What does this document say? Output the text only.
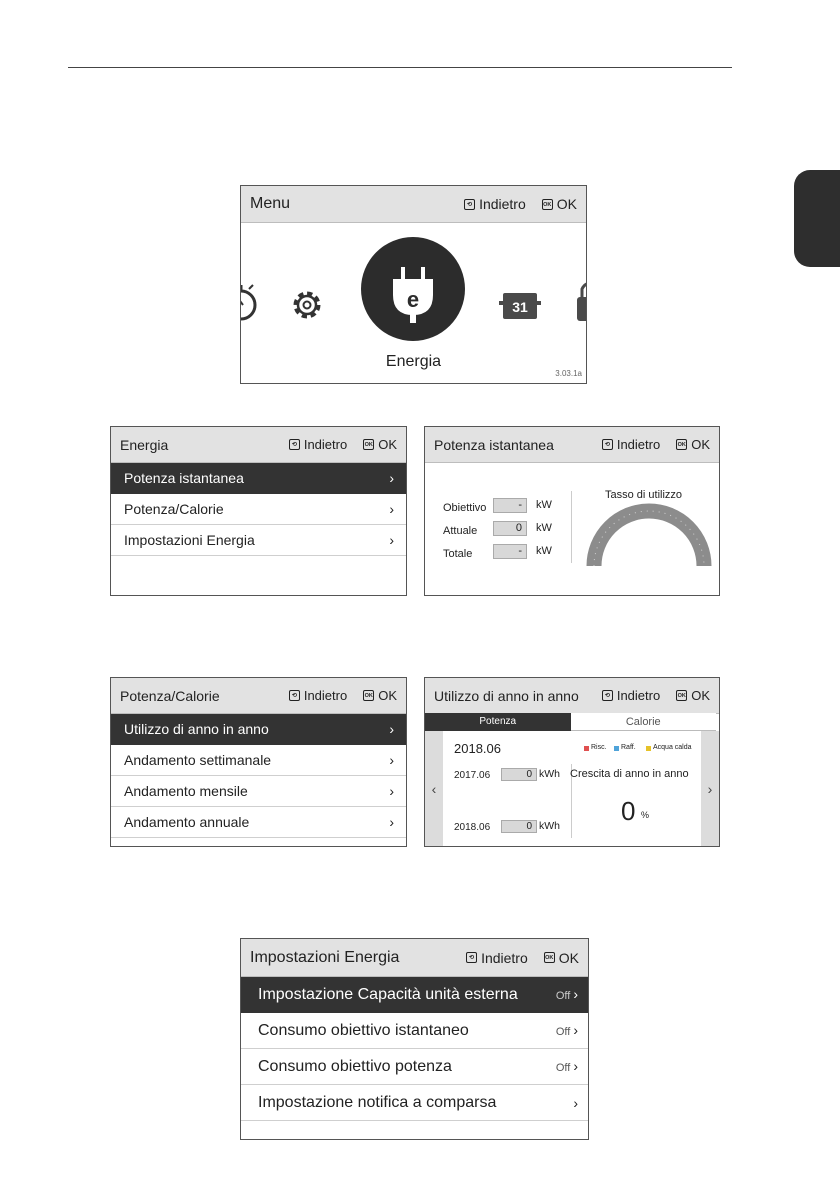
Menu	⟲ Indietro	OK OK
e	31
Energia
3.03.1a
Energia	⟲ Indietro	OK OK
Potenza istantanea	›
Potenza/Calorie	›
Impostazioni Energia	›
Potenza istantanea	⟲ Indietro	OK OK
Obiettivo	-	kW
Attuale	0	kW
Totale	-	kW
Tasso di utilizzo
Potenza/Calorie	⟲ Indietro	OK OK
Utilizzo di anno in anno	›
Andamento settimanale	›
Andamento mensile	›
Andamento annuale	›
Utilizzo di anno in anno	⟲ Indietro	OK OK
Potenza	Calorie
‹	›
2018.06	Risc. Raff. Acqua calda
2017.06	0 kWh
2018.06	0 kWh
Crescita di anno in anno
0 %
Impostazioni Energia	⟲ Indietro	OK OK
Impostazione Capacità unità esterna	Off ›
Consumo obiettivo istantaneo	Off ›
Consumo obiettivo potenza	Off ›
Impostazione notifica a comparsa	›
